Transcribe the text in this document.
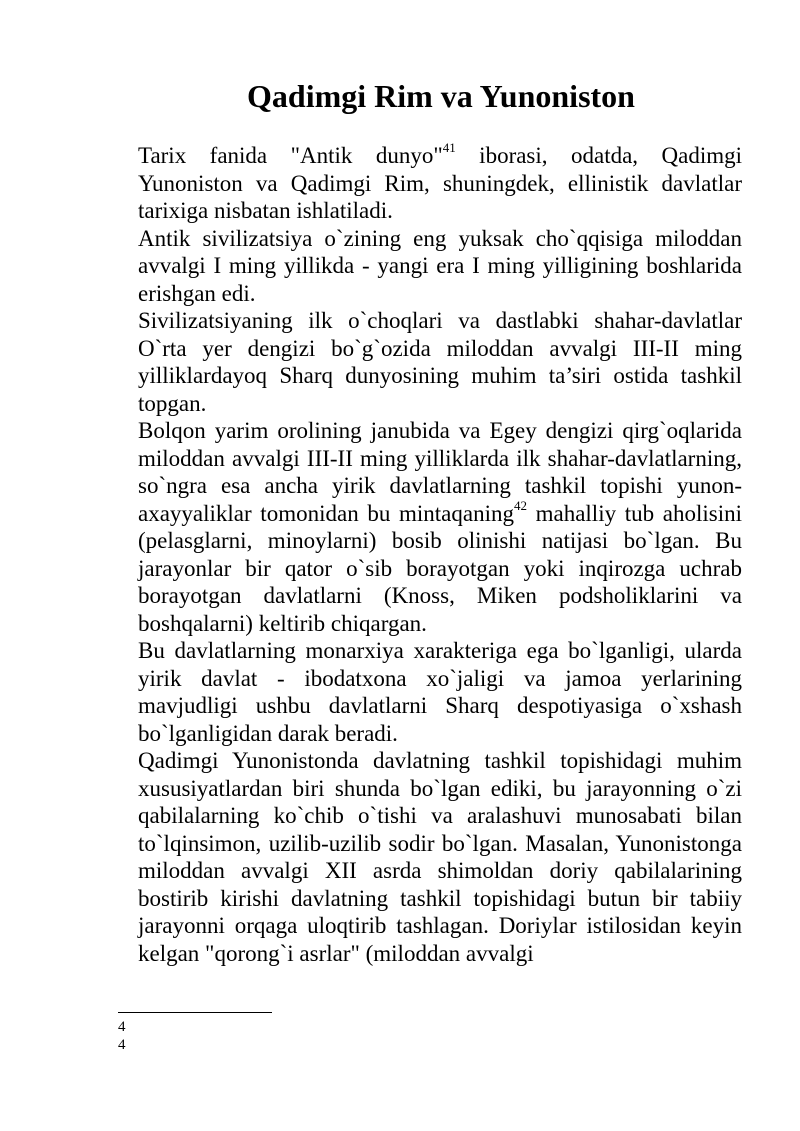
Qadimgi Rim va Yunoniston

Tarix fanida "Antik dunyo"$^{41}$ iborasi, odatda, Qadimgi Yunoniston va Qadimgi Rim, shuningdek, ellinistik davlatlar tarixiga nisbatan ishlatiladi.

Antik sivilizatsiya o`zining eng yuksak cho`qqisiga miloddan avvalgi I ming yillikda - yangi era I ming yilligining boshlarida erishgan edi.

Sivilizatsiyaning ilk o`choqlari va dastlabki shahar-davlatlar O`rta yer dengizi bo`g`ozida miloddan avvalgi III-II ming yilliklardayoq Sharq dunyosining muhim ta’siri ostida tashkil topgan.

Bolqon yarim orolining janubida va Egey dengizi qirg`oqlarida miloddan avvalgi III-II ming yilliklarda ilk shahar-davlatlarning, so`ngra esa ancha yirik davlatlarning tashkil topishi yunon-axayyaliklar tomonidan bu mintaqaning$^{42}$ mahalliy tub aholisini (pelasglarni, minoylarni) bosib olinishi natijasi bo`lgan. Bu jarayonlar bir qator o`sib borayotgan yoki inqirozga uchrab borayotgan davlatlarni (Knoss, Miken podsholiklarini va boshqalarni) keltirib chiqargan.

Bu davlatlarning monarxiya xarakteriga ega bo`lganligi, ularda yirik davlat - ibodatxona xo`jaligi va jamoa yerlarining mavjudligi ushbu davlatlarni Sharq despotiyasiga o`xshash bo`lganligidan darak beradi.

Qadimgi Yunonistonda davlatning tashkil topishidagi muhim xususiyatlardan biri shunda bo`lgan ediki, bu jarayonning o`zi qabilalarning ko`chib o`tishi va aralashuvi munosabati bilan to`lqinsimon, uzilib-uzilib sodir bo`lgan. Masalan, Yunonistonga miloddan avvalgi XII asrda shimoldan doriy qabilalarining bostirib kirishi davlatning tashkil topishidagi butun bir tabiiy jarayonni orqaga uloqtirib tashlagan. Doriylar istilosidan keyin kelgan "qorong`i asrlar" (miloddan avvalgi

4
4
